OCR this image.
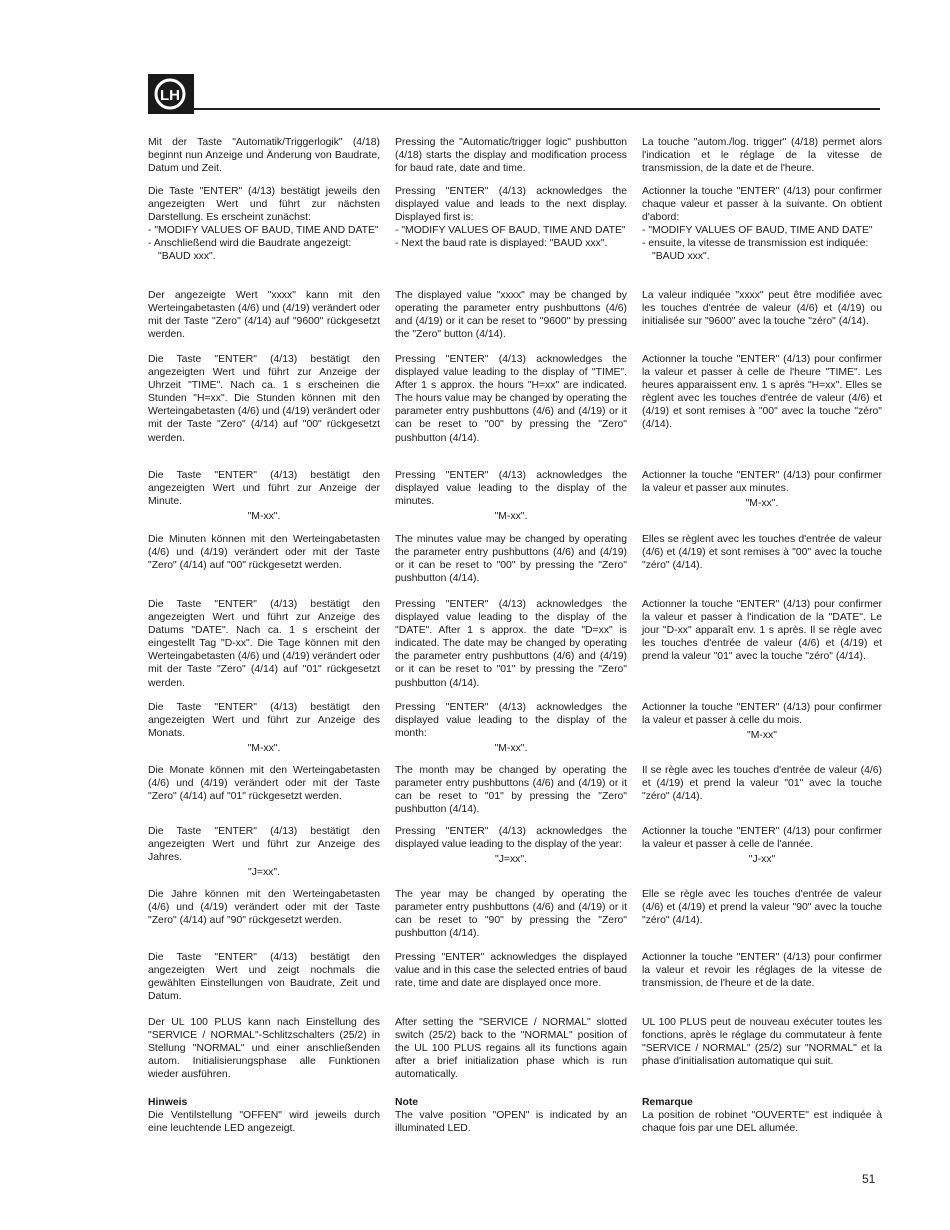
LH

Mit der Taste "Automatik/Triggerlogik" (4/18) beginnt nun Anzeige und Änderung von Baudrate, Datum und Zeit.

Die Taste "ENTER" (4/13) bestätigt jeweils den angezeigten Wert und führt zur nächsten Darstellung. Es erscheint zunächst:

- "MODIFY VALUES OF BAUD, TIME AND DATE"

- Anschließend wird die Baudrate angezeigt: "BAUD xxx".

Der angezeigte Wert "xxxx" kann mit den Werteingabetasten (4/6) und (4/19) verändert oder mit der Taste "Zero" (4/14) auf "9600" rückgesetzt werden.

Die Taste "ENTER" (4/13) bestätigt den angezeigten Wert und führt zur Anzeige der Uhrzeit "TIME". Nach ca. 1 s erscheinen die Stunden "H=xx". Die Stunden können mit den Werteingabetasten (4/6) und (4/19) verändert oder mit der Taste "Zero" (4/14) auf "00" rückgesetzt werden.

Die Taste "ENTER" (4/13) bestätigt den angezeigten Wert und führt zur Anzeige der Minute.

"M-xx".

Die Minuten können mit den Werteingabetasten (4/6) und (4/19) verändert oder mit der Taste "Zero" (4/14) auf "00" rückgesetzt werden.

Die Taste "ENTER" (4/13) bestätigt den angezeigten Wert und führt zur Anzeige des Datums "DATE". Nach ca. 1 s erscheint der eingestellt Tag "D-xx". Die Tage können mit den Werteingabetasten (4/6) und (4/19) verändert oder mit der Taste "Zero" (4/14) auf "01" rückgesetzt werden.

Die Taste "ENTER" (4/13) bestätigt den angezeigten Wert und führt zur Anzeige des Monats.

"M-xx".

Die Monate können mit den Werteingabetasten (4/6) und (4/19) verändert oder mit der Taste "Zero" (4/14) auf "01" rückgesetzt werden.

Die Taste "ENTER" (4/13) bestätigt den angezeigten Wert und führt zur Anzeige des Jahres.

"J=xx".

Die Jahre können mit den Werteingabetasten (4/6) und (4/19) verändert oder mit der Taste "Zero" (4/14) auf "90" rückgesetzt werden.

Die Taste "ENTER" (4/13) bestätigt den angezeigten Wert und zeigt nochmals die gewählten Einstellungen von Baudrate, Zeit und Datum.

Der UL 100 PLUS kann nach Einstellung des "SERVICE / NORMAL"-Schlitzschalters (25/2) in Stellung "NORMAL" und einer anschließenden autom. Initialisierungsphase alle Funktionen wieder ausführen.

Hinweis

Die Ventilstellung "OFFEN" wird jeweils durch eine leuchtende LED angezeigt.

Pressing the "Automatic/trigger logic" pushbutton (4/18) starts the display and modification process for baud rate, date and time.

Pressing "ENTER" (4/13) acknowledges the displayed value and leads to the next display. Displayed first is:

- "MODIFY VALUES OF BAUD, TIME AND DATE"

- Next the baud rate is displayed: "BAUD xxx".

The displayed value "xxxx" may be changed by operating the parameter entry pushbuttons (4/6) and (4/19) or it can be reset to "9600" by pressing the "Zero" button (4/14).

Pressing "ENTER" (4/13) acknowledges the displayed value leading to the display of "TIME". After 1 s approx. the hours "H=xx" are indicated. The hours value may be changed by operating the parameter entry pushbuttons (4/6) and (4/19) or it can be reset to "00" by pressing the "Zero" pushbutton (4/14).

Pressing "ENTER" (4/13) acknowledges the displayed value leading to the display of the minutes.

"M-xx".

The minutes value may be changed by operating the parameter entry pushbuttons (4/6) and (4/19) or it can be reset to "00" by pressing the "Zero" pushbutton (4/14).

Pressing "ENTER" (4/13) acknowledges the displayed value leading to the display of the "DATE". After 1 s approx. the date "D=xx" is indicated. The date may be changed by operating the parameter entry pushbuttons (4/6) and (4/19) or it can be reset to "01" by pressing the "Zero" pushbutton (4/14).

Pressing "ENTER" (4/13) acknowledges the displayed value leading to the display of the month:

"M-xx".

The month may be changed by operating the parameter entry pushbuttons (4/6) and (4/19) or it can be reset to "01" by pressing the "Zero" pushbutton (4/14).

Pressing "ENTER" (4/13) acknowledges the displayed value leading to the display of the year:

"J=xx".

The year may be changed by operating the parameter entry pushbuttons (4/6) and (4/19) or it can be reset to "90" by pressing the "Zero" pushbutton (4/14).

Pressing "ENTER" acknowledges the displayed value and in this case the selected entries of baud rate, time and date are displayed once more.

After setting the "SERVICE / NORMAL" slotted switch (25/2) back to the "NORMAL" position of the UL 100 PLUS regains all its functions again after a brief initialization phase which is run automatically.

Note

The valve position "OPEN" is indicated by an illuminated LED.

La touche "autom./log. trigger" (4/18) permet alors l'indication et le réglage de la vitesse de transmission, de la date et de l'heure.

Actionner la touche "ENTER" (4/13) pour confirmer chaque valeur et passer à la suivante. On obtient d'abord:

- "MODIFY VALUES OF BAUD, TIME AND DATE"

- ensuite, la vitesse de transmission est indiquée: "BAUD xxx".

La valeur indiquée "xxxx" peut être modifiée avec les touches d'entrée de valeur (4/6) et (4/19) ou initialisée sur "9600" avec la touche "zéro" (4/14).

Actionner la touche "ENTER" (4/13) pour confirmer la valeur et passer à celle de l'heure "TIME". Les heures apparaissent env. 1 s après "H=xx". Elles se règlent avec les touches d'entrée de valeur (4/6) et (4/19) et sont remises à "00" avec la touche "zéro" (4/14).

Actionner la touche "ENTER" (4/13) pour confirmer la valeur et passer aux minutes.

"M-xx".

Elles se règlent avec les touches d'entrée de valeur (4/6) et (4/19) et sont remises à "00" avec la touche "zéro" (4/14).

Actionner la touche "ENTER" (4/13) pour confirmer la valeur et passer à l'indication de la "DATE". Le jour "D-xx" apparaît env. 1 s après. Il se règle avec les touches d'entrée de valeur (4/6) et (4/19) et prend la valeur "01" avec la touche "zéro" (4/14).

Actionner la touche "ENTER" (4/13) pour confirmer la valeur et passer à celle du mois.

"M-xx"

Il se règle avec les touches d'entrée de valeur (4/6) et (4/19) et prend la valeur "01" avec la touche "zéro" (4/14).

Actionner la touche "ENTER" (4/13) pour confirmer la valeur et passer à celle de l'année.

"J-xx"

Elle se règle avec les touches d'entrée de valeur (4/6) et (4/19) et prend la valeur "90" avec la touche "zéro" (4/14).

Actionner la touche "ENTER" (4/13) pour confirmer la valeur et revoir les réglages de la vitesse de transmission, de l'heure et de la date.

UL 100 PLUS peut de nouveau exécuter toutes les fonctions, après le réglage du commutateur à fente "SERVICE / NORMAL" (25/2) sur "NORMAL" et la phase d'initialisation automatique qui suit.

Remarque

La position de robinet "OUVERTE" est indiquée à chaque fois par une DEL allumée.

51
